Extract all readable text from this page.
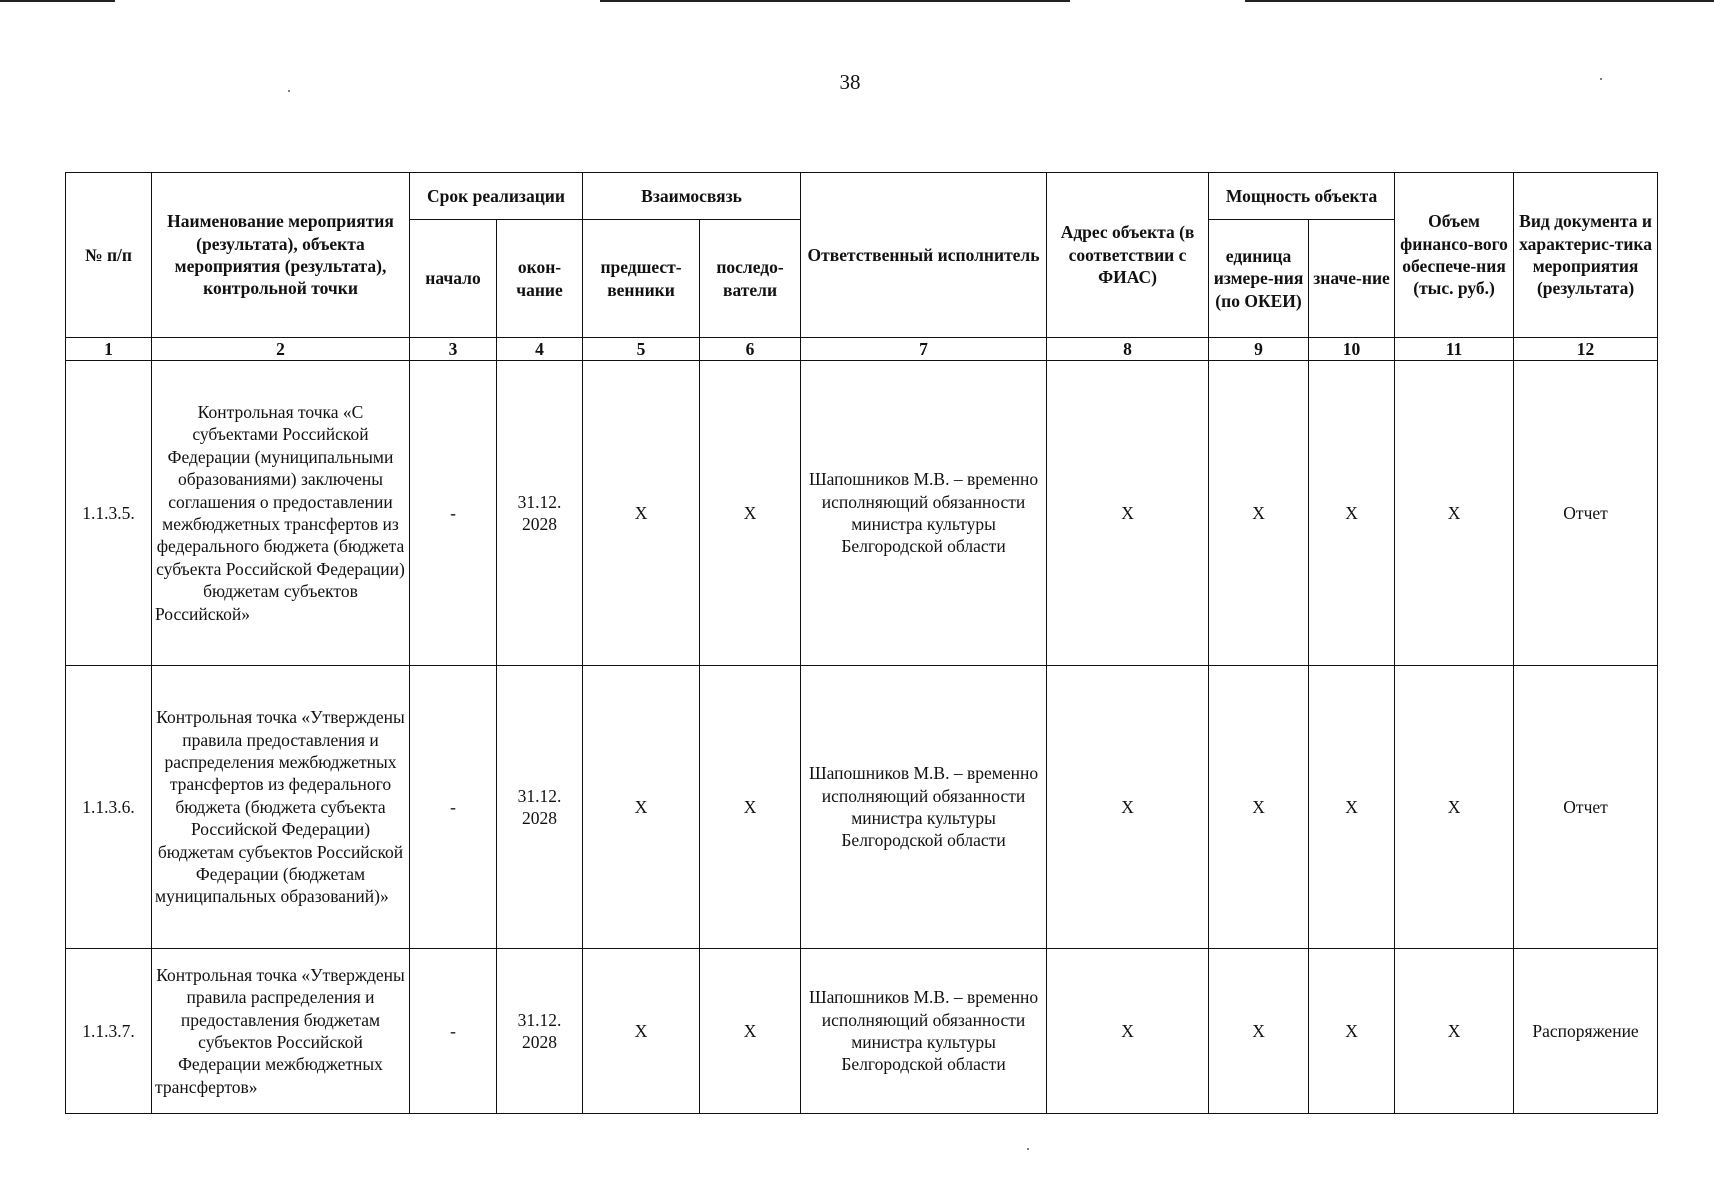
38
№ п/п	Наименование мероприятия (результата), объекта мероприятия (результата), контрольной точки	Срок реализации		Взаимосвязь		Ответственный исполнитель	Адрес объекта (в соответствии с ФИАС)	Мощность объекта		Объем финансо-вого обеспече-ния (тыс. руб.)	Вид документа и характерис-тика мероприятия (результата)
		начало	окон-чание	предшест-венники	последо-ватели			единица измере-ния (по ОКЕИ)	значе-ние		
1	2	3	4	5	6	7	8	9	10	11	12
1.1.3.5.	Контрольная точка «С субъектами Российской Федерации (муниципальными образованиями) заключены соглашения о предоставлении межбюджетных трансфертов из федерального бюджета (бюджета субъекта Российской Федерации) бюджетам субъектов Российской»	-	31.12. 2028	X	X	Шапошников М.В. – временно исполняющий обязанности министра культуры Белгородской области	X	X	X	X	Отчет
1.1.3.6.	Контрольная точка «Утверждены правила предоставления и распределения межбюджетных трансфертов из федерального бюджета (бюджета субъекта Российской Федерации) бюджетам субъектов Российской Федерации (бюджетам муниципальных образований)»	-	31.12. 2028	X	X	Шапошников М.В. – временно исполняющий обязанности министра культуры Белгородской области	X	X	X	X	Отчет
1.1.3.7.	Контрольная точка «Утверждены правила распределения и предоставления бюджетам субъектов Российской Федерации межбюджетных трансфертов»	-	31.12. 2028	X	X	Шапошников М.В. – временно исполняющий обязанности министра культуры Белгородской области	X	X	X	X	Распоряжение
